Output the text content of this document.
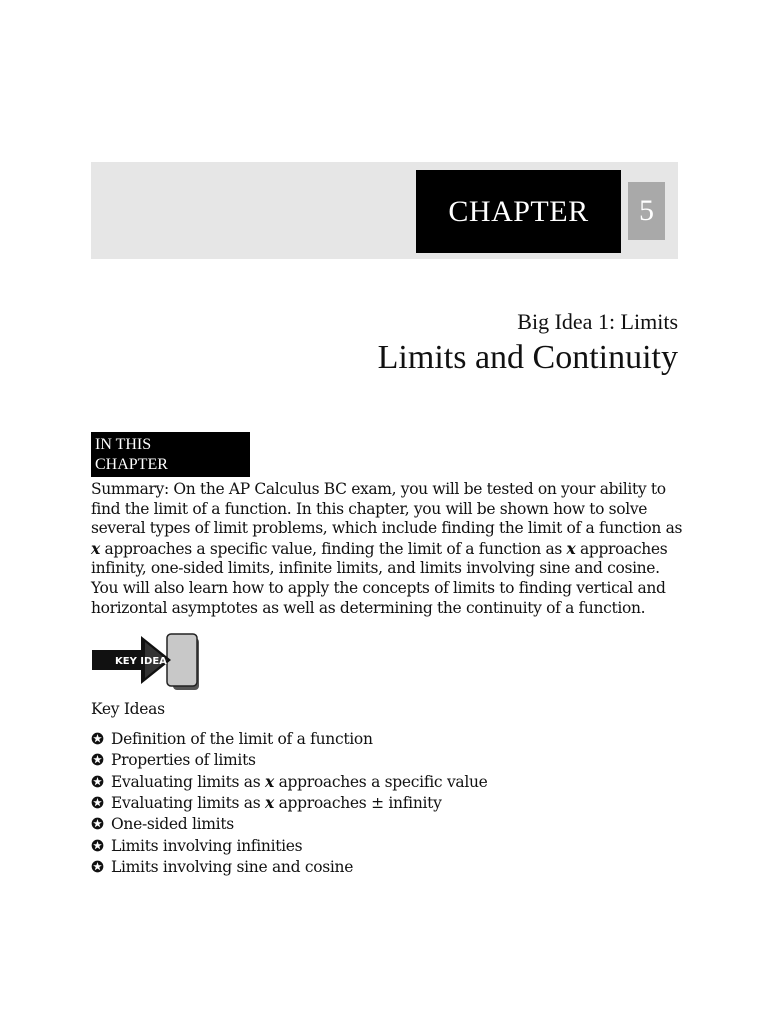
CHAPTER	5
Big Idea 1: Limits
Limits and Continuity
IN THIS
CHAPTER
Summary: On the AP Calculus BC exam, you will be tested on your ability to find the limit of a function. In this chapter, you will be shown how to solve several types of limit problems, which include finding the limit of a function as x approaches a specific value, finding the limit of a function as x approaches infinity, one-sided limits, infinite limits, and limits involving sine and cosine. You will also learn how to apply the concepts of limits to finding vertical and horizontal asymptotes as well as determining the continuity of a function.
KEY IDEA
Key Ideas
Definition of the limit of a function
Properties of limits
Evaluating limits as x approaches a specific value
Evaluating limits as x approaches ± infinity
One-sided limits
Limits involving infinities
Limits involving sine and cosine
